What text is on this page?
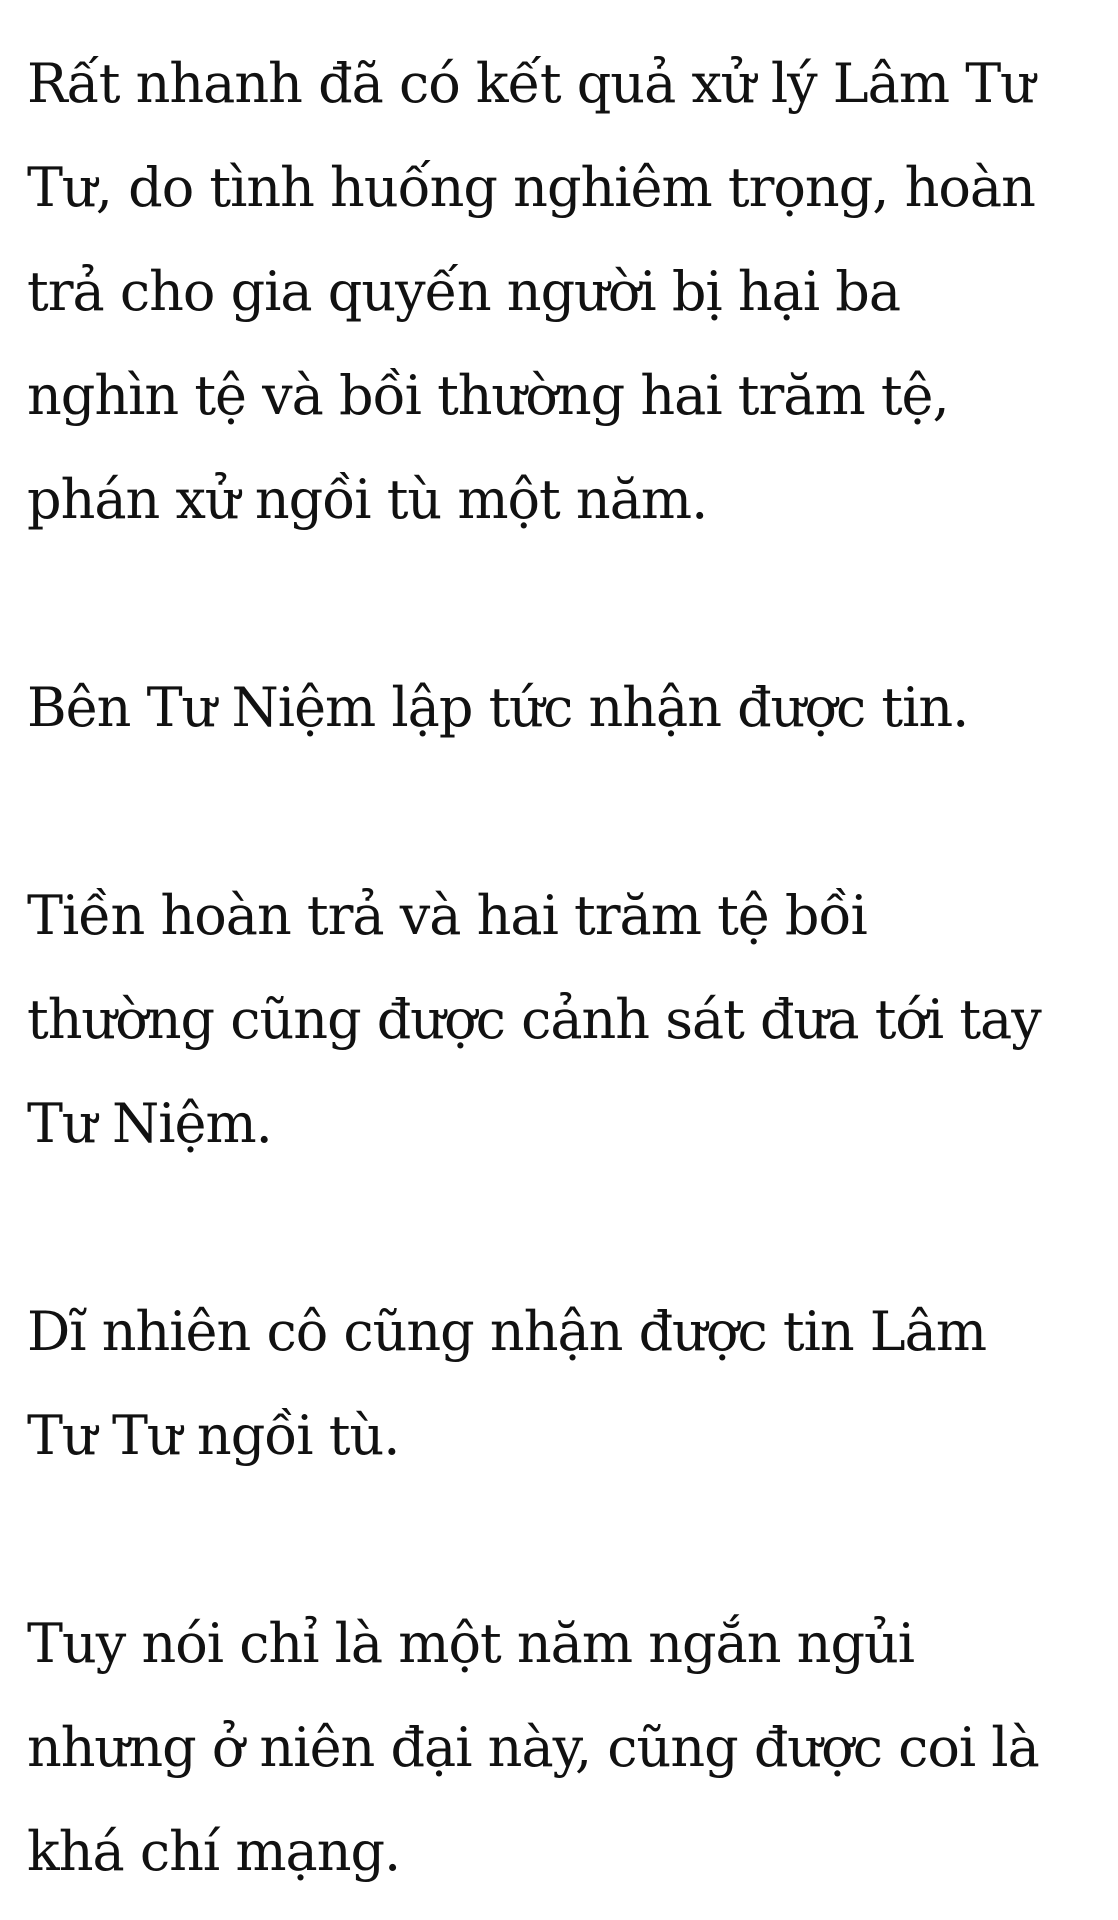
Rất nhanh đã có kết quả xử lý Lâm Tư
Tư, do tình huống nghiêm trọng, hoàn
trả cho gia quyến người bị hại ba
nghìn tệ và bồi thường hai trăm tệ,
phán xử ngồi tù một năm.

Bên Tư Niệm lập tức nhận được tin.

Tiền hoàn trả và hai trăm tệ bồi
thường cũng được cảnh sát đưa tới tay
Tư Niệm.

Dĩ nhiên cô cũng nhận được tin Lâm
Tư Tư ngồi tù.

Tuy nói chỉ là một năm ngắn ngủi
nhưng ở niên đại này, cũng được coi là
khá chí mạng.
